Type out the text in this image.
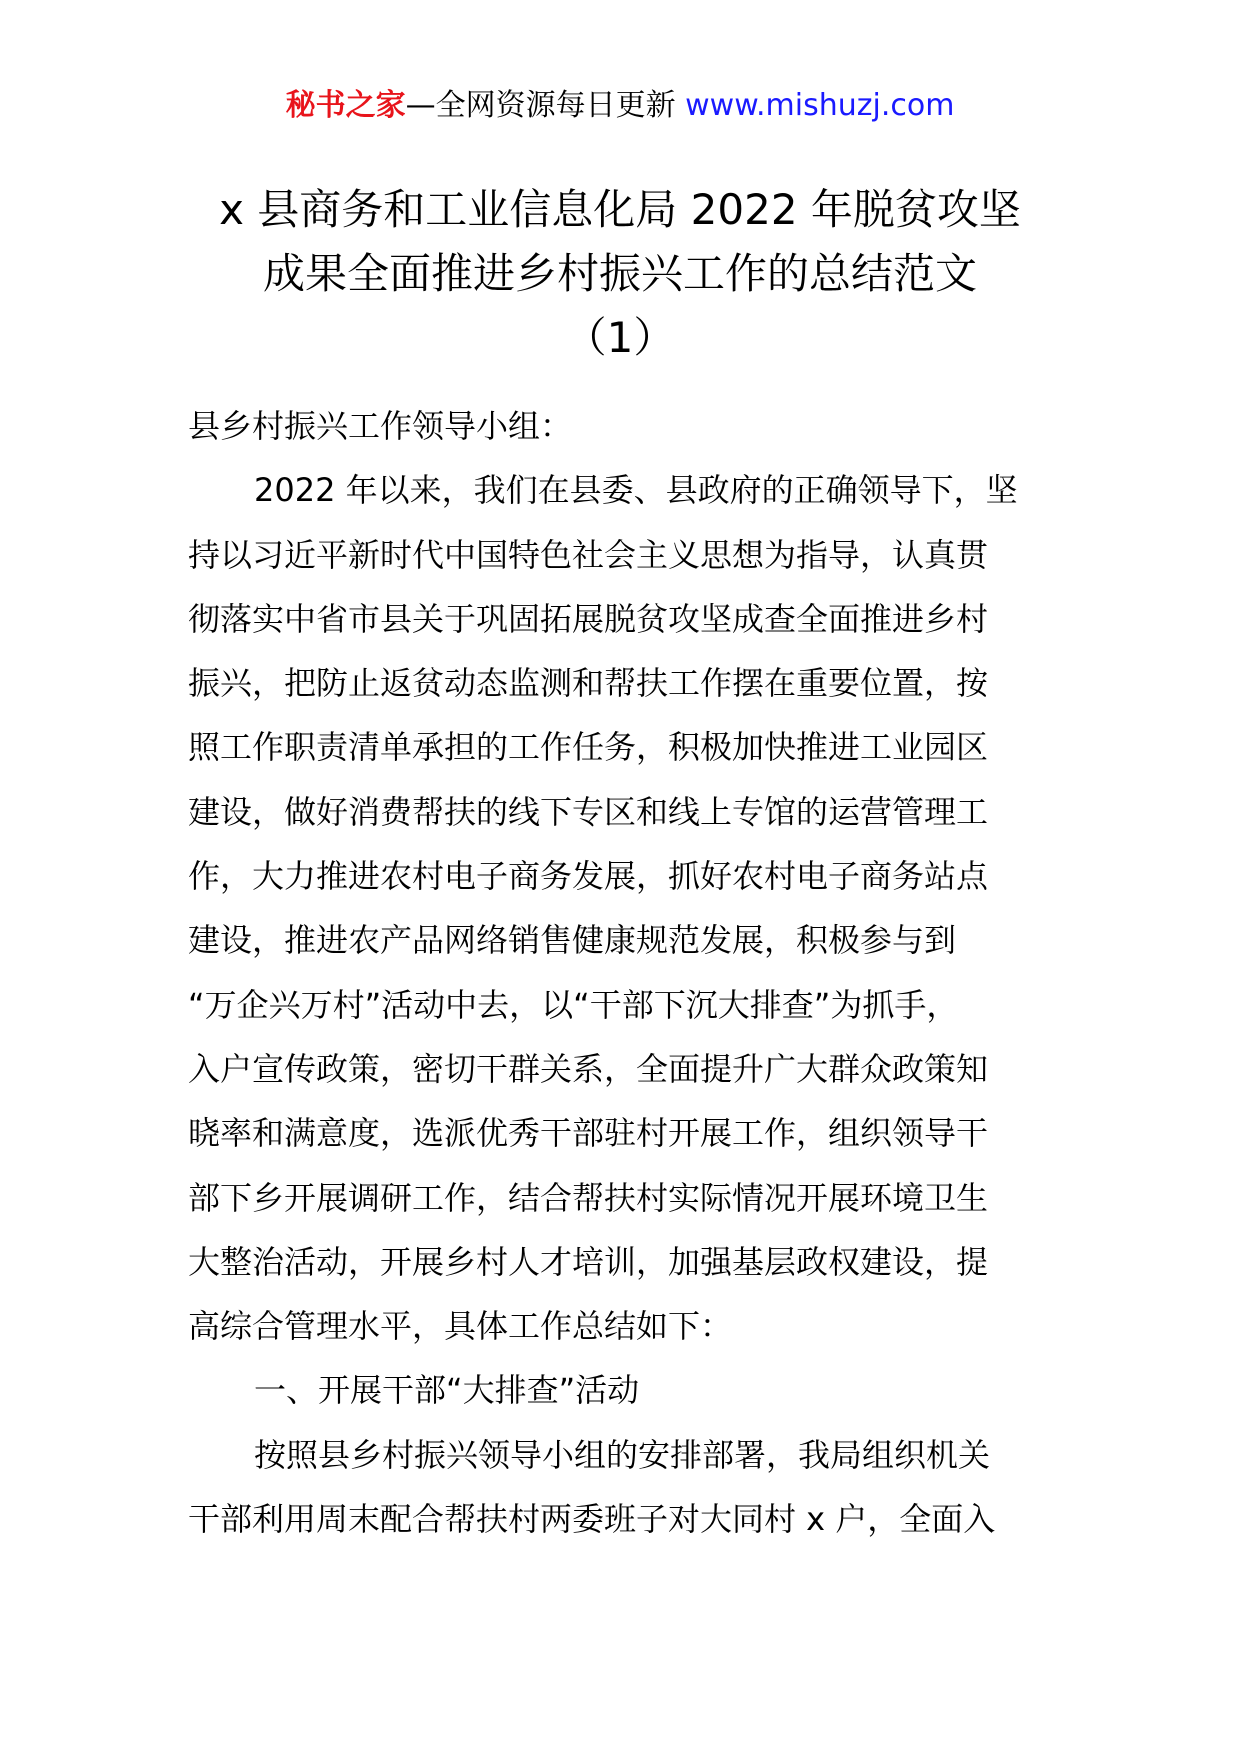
秘书之家—全网资源每日更新 www.mishuzj.com
x 县商务和工业信息化局 2022 年脱贫攻坚
成果全面推进乡村振兴工作的总结范文
（1）

县乡村振兴工作领导小组：

2022 年以来，我们在县委、县政府的正确领导下，坚

持以习近平新时代中国特色社会主义思想为指导，认真贯

彻落实中省市县关于巩固拓展脱贫攻坚成查全面推进乡村

振兴，把防止返贫动态监测和帮扶工作摆在重要位置，按

照工作职责清单承担的工作任务，积极加快推进工业园区

建设，做好消费帮扶的线下专区和线上专馆的运营管理工

作，大力推进农村电子商务发展，抓好农村电子商务站点

建设，推进农产品网络销售健康规范发展，积极参与到

“万企兴万村”活动中去，以“干部下沉大排查”为抓手，

入户宣传政策，密切干群关系，全面提升广大群众政策知

晓率和满意度，选派优秀干部驻村开展工作，组织领导干

部下乡开展调研工作，结合帮扶村实际情况开展环境卫生

大整治活动，开展乡村人才培训，加强基层政权建设，提

高综合管理水平，具体工作总结如下：

一、开展干部“大排查”活动

按照县乡村振兴领导小组的安排部署，我局组织机关

干部利用周末配合帮扶村两委班子对大同村 x 户，全面入
